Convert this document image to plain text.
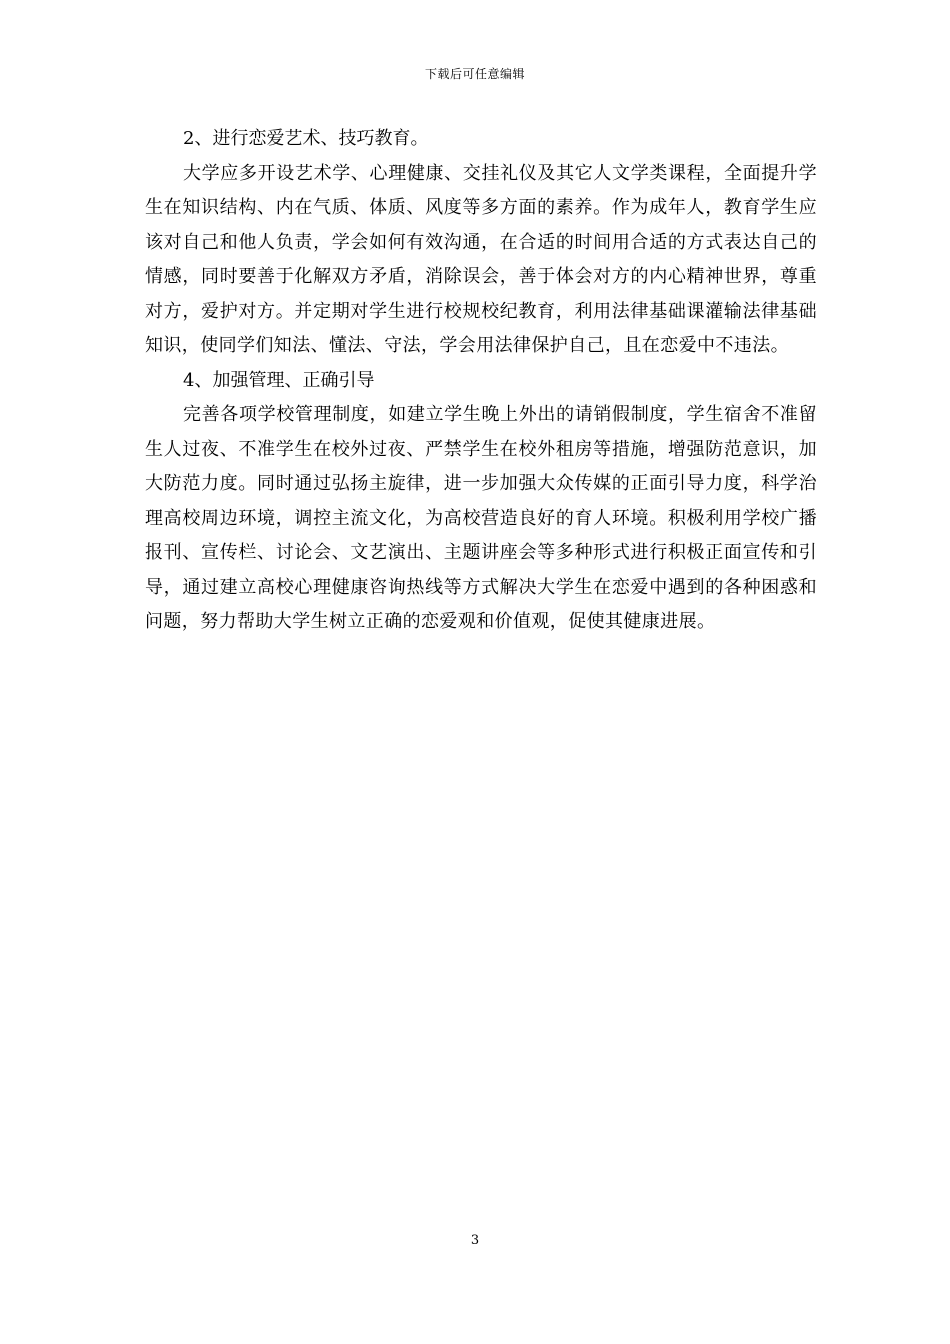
下载后可任意编辑

2、进行恋爱艺术、技巧教育。

大学应多开设艺术学、心理健康、交挂礼仪及其它人文学类课程，全面提升学生在知识结构、内在气质、体质、风度等多方面的素养。作为成年人，教育学生应该对自己和他人负责，学会如何有效沟通，在合适的时间用合适的方式表达自己的情感，同时要善于化解双方矛盾，消除误会，善于体会对方的内心精神世界，尊重对方，爱护对方。并定期对学生进行校规校纪教育，利用法律基础课灌输法律基础知识，使同学们知法、懂法、守法，学会用法律保护自己，且在恋爱中不违法。

4、加强管理、正确引导

完善各项学校管理制度，如建立学生晚上外出的请销假制度，学生宿舍不准留生人过夜、不准学生在校外过夜、严禁学生在校外租房等措施，增强防范意识，加大防范力度。同时通过弘扬主旋律，进一步加强大众传媒的正面引导力度，科学治理高校周边环境，调控主流文化，为高校营造良好的育人环境。积极利用学校广播报刊、宣传栏、讨论会、文艺演出、主题讲座会等多种形式进行积极正面宣传和引导，通过建立高校心理健康咨询热线等方式解决大学生在恋爱中遇到的各种困惑和问题，努力帮助大学生树立正确的恋爱观和价值观，促使其健康进展。

3
